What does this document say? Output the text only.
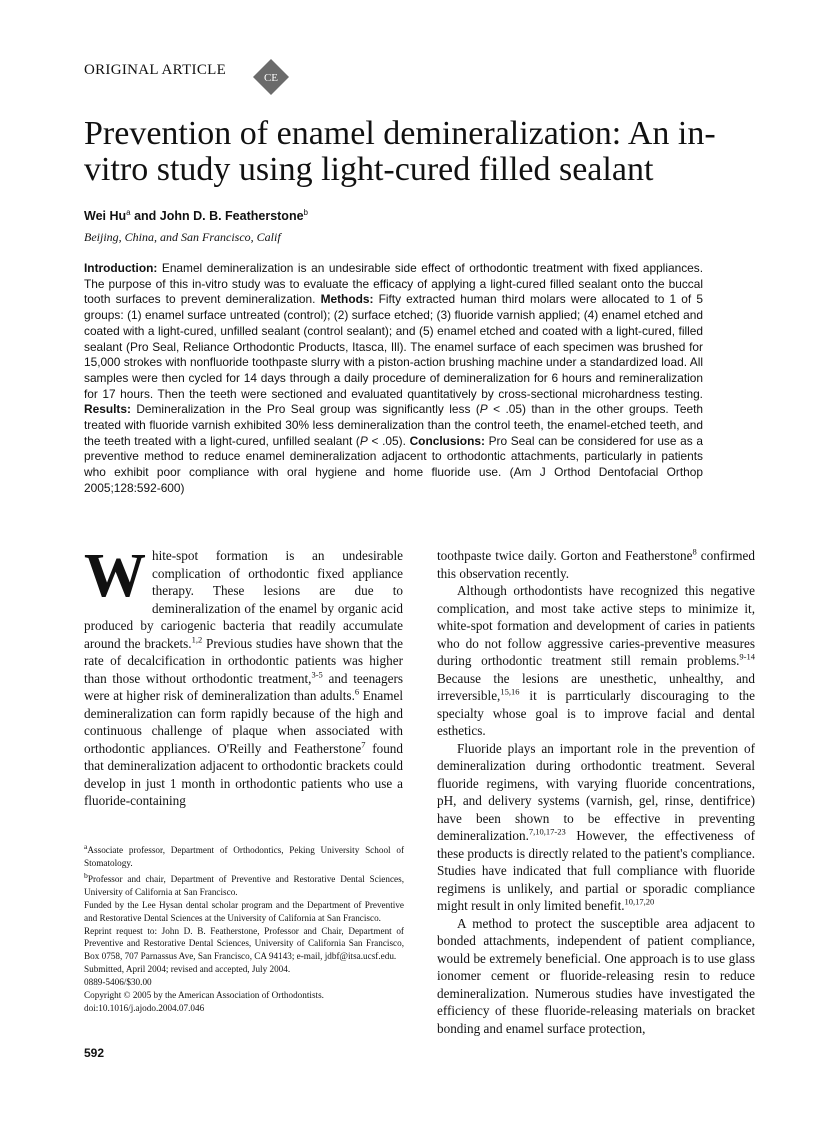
ORIGINAL ARTICLE	CE
Prevention of enamel demineralization: An in-vitro study using light-cured filled sealant
Wei Hu$^a$ and John D. B. Featherstone$^b$
Beijing, China, and San Francisco, Calif

Introduction: Enamel demineralization is an undesirable side effect of orthodontic treatment with fixed appliances. The purpose of this in-vitro study was to evaluate the efficacy of applying a light-cured filled sealant onto the buccal tooth surfaces to prevent demineralization. Methods: Fifty extracted human third molars were allocated to 1 of 5 groups: (1) enamel surface untreated (control); (2) surface etched; (3) fluoride varnish applied; (4) enamel etched and coated with a light-cured, unfilled sealant (control sealant); and (5) enamel etched and coated with a light-cured, filled sealant (Pro Seal, Reliance Orthodontic Products, Itasca, Ill). The enamel surface of each specimen was brushed for 15,000 strokes with nonfluoride toothpaste slurry with a piston-action brushing machine under a standardized load. All samples were then cycled for 14 days through a daily procedure of demineralization for 6 hours and remineralization for 17 hours. Then the teeth were sectioned and evaluated quantitatively by cross-sectional microhardness testing. Results: Demineralization in the Pro Seal group was significantly less (P < .05) than in the other groups. Teeth treated with fluoride varnish exhibited 30% less demineralization than the control teeth, the enamel-etched teeth, and the teeth treated with a light-cured, unfilled sealant (P < .05). Conclusions: Pro Seal can be considered for use as a preventive method to reduce enamel demineralization adjacent to orthodontic attachments, particularly in patients who exhibit poor compliance with oral hygiene and home fluoride use. (Am J Orthod Dentofacial Orthop 2005;128:592-600)

White-spot formation is an undesirable complication of orthodontic fixed appliance therapy. These lesions are due to demineralization of the enamel by organic acid produced by cariogenic bacteria that readily accumulate around the brackets.$^{1,2}$ Previous studies have shown that the rate of decalcification in orthodontic patients was higher than those without orthodontic treatment,$^{3-5}$ and teenagers were at higher risk of demineralization than adults.$^6$ Enamel demineralization can form rapidly because of the high and continuous challenge of plaque when associated with orthodontic appliances. O'Reilly and Featherstone$^7$ found that demineralization adjacent to orthodontic brackets could develop in just 1 month in orthodontic patients who use a fluoride-containing

$^a$Associate professor, Department of Orthodontics, Peking University School of Stomatology.
$^b$Professor and chair, Department of Preventive and Restorative Dental Sciences, University of California at San Francisco.
Funded by the Lee Hysan dental scholar program and the Department of Preventive and Restorative Dental Sciences at the University of California at San Francisco.
Reprint request to: John D. B. Featherstone, Professor and Chair, Department of Preventive and Restorative Dental Sciences, University of California San Francisco, Box 0758, 707 Parnassus Ave, San Francisco, CA 94143; e-mail, jdbf@itsa.ucsf.edu.
Submitted, April 2004; revised and accepted, July 2004.
0889-5406/$30.00
Copyright © 2005 by the American Association of Orthodontists.
doi:10.1016/j.ajodo.2004.07.046

toothpaste twice daily. Gorton and Featherstone$^8$ confirmed this observation recently.

Although orthodontists have recognized this negative complication, and most take active steps to minimize it, white-spot formation and development of caries in patients who do not follow aggressive caries-preventive measures during orthodontic treatment still remain problems.$^{9-14}$ Because the lesions are unesthetic, unhealthy, and irreversible,$^{15,16}$ it is parrticularly discouraging to the specialty whose goal is to improve facial and dental esthetics.

Fluoride plays an important role in the prevention of demineralization during orthodontic treatment. Several fluoride regimens, with varying fluoride concentrations, pH, and delivery systems (varnish, gel, rinse, dentifrice) have been shown to be effective in preventing demineralization.$^{7,10,17-23}$ However, the effectiveness of these products is directly related to the patient's compliance. Studies have indicated that full compliance with fluoride regimens is unlikely, and partial or sporadic compliance might result in only limited benefit.$^{10,17,20}$

A method to protect the susceptible area adjacent to bonded attachments, independent of patient compliance, would be extremely beneficial. One approach is to use glass ionomer cement or fluoride-releasing resin to reduce demineralization. Numerous studies have investigated the efficiency of these fluoride-releasing materials on bracket bonding and enamel surface protection,

592
